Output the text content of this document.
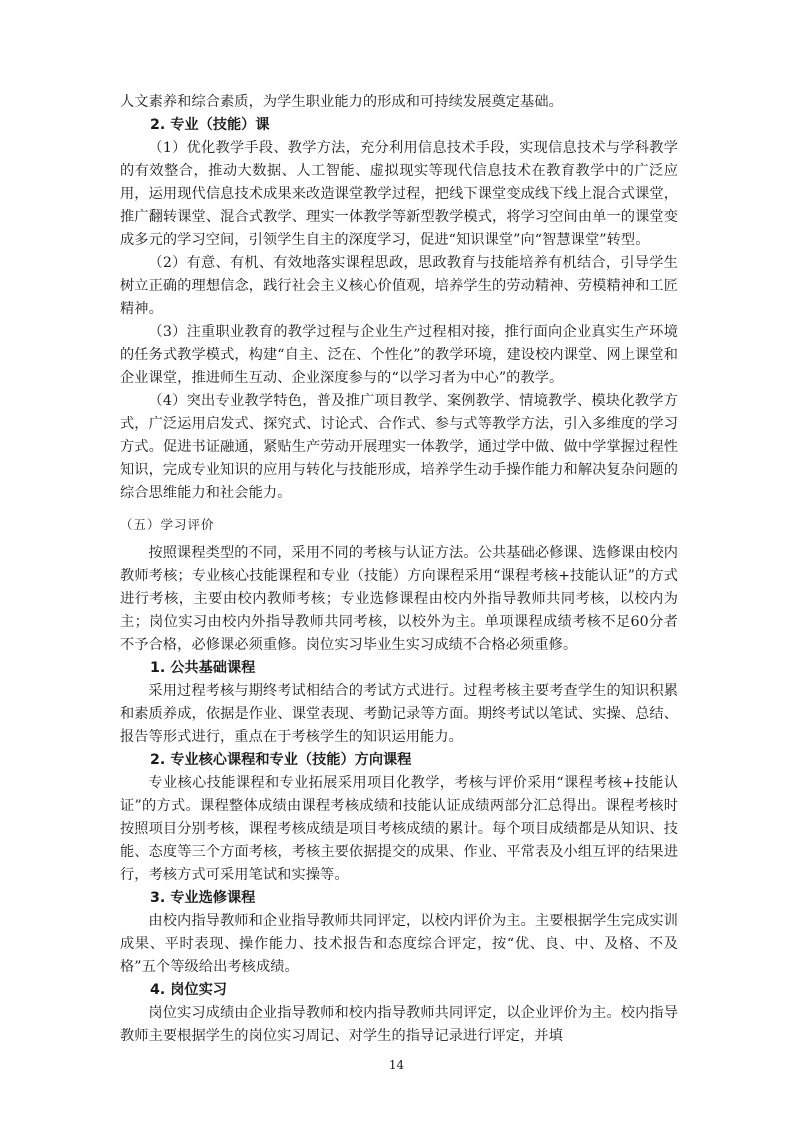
人文素养和综合素质，为学生职业能力的形成和可持续发展奠定基础。

2. 专业（技能）课

（1）优化教学手段、教学方法，充分利用信息技术手段，实现信息技术与学科教学的有效整合，推动大数据、人工智能、虚拟现实等现代信息技术在教育教学中的广泛应用，运用现代信息技术成果来改造课堂教学过程，把线下课堂变成线下线上混合式课堂，推广翻转课堂、混合式教学、理实一体教学等新型教学模式，将学习空间由单一的课堂变成多元的学习空间，引领学生自主的深度学习，促进“知识课堂”向“智慧课堂”转型。

（2）有意、有机、有效地落实课程思政，思政教育与技能培养有机结合，引导学生树立正确的理想信念，践行社会主义核心价值观，培养学生的劳动精神、劳模精神和工匠精神。

（3）注重职业教育的教学过程与企业生产过程相对接，推行面向企业真实生产环境的任务式教学模式，构建“自主、泛在、个性化”的教学环境，建设校内课堂、网上课堂和企业课堂，推进师生互动、企业深度参与的“以学习者为中心”的教学。

（4）突出专业教学特色，普及推广项目教学、案例教学、情境教学、模块化教学方式，广泛运用启发式、探究式、讨论式、合作式、参与式等教学方法，引入多维度的学习方式。促进书证融通，紧贴生产劳动开展理实一体教学，通过学中做、做中学掌握过程性知识，完成专业知识的应用与转化与技能形成，培养学生动手操作能力和解决复杂问题的综合思维能力和社会能力。

（五）学习评价

按照课程类型的不同，采用不同的考核与认证方法。公共基础必修课、选修课由校内教师考核；专业核心技能课程和专业（技能）方向课程采用“课程考核+技能认证”的方式进行考核，主要由校内教师考核；专业选修课程由校内外指导教师共同考核，以校内为主；岗位实习由校内外指导教师共同考核，以校外为主。单项课程成绩考核不足60分者不予合格，必修课必须重修。岗位实习毕业生实习成绩不合格必须重修。

1. 公共基础课程

采用过程考核与期终考试相结合的考试方式进行。过程考核主要考查学生的知识积累和素质养成，依据是作业、课堂表现、考勤记录等方面。期终考试以笔试、实操、总结、报告等形式进行，重点在于考核学生的知识运用能力。

2. 专业核心课程和专业（技能）方向课程

专业核心技能课程和专业拓展采用项目化教学，考核与评价采用“课程考核+技能认证”的方式。课程整体成绩由课程考核成绩和技能认证成绩两部分汇总得出。课程考核时按照项目分别考核，课程考核成绩是项目考核成绩的累计。每个项目成绩都是从知识、技能、态度等三个方面考核，考核主要依据提交的成果、作业、平常表及小组互评的结果进行，考核方式可采用笔试和实操等。

3. 专业选修课程

由校内指导教师和企业指导教师共同评定，以校内评价为主。主要根据学生完成实训成果、平时表现、操作能力、技术报告和态度综合评定，按“优、良、中、及格、不及格”五个等级给出考核成绩。

4. 岗位实习

岗位实习成绩由企业指导教师和校内指导教师共同评定，以企业评价为主。校内指导教师主要根据学生的岗位实习周记、对学生的指导记录进行评定，并填

14
